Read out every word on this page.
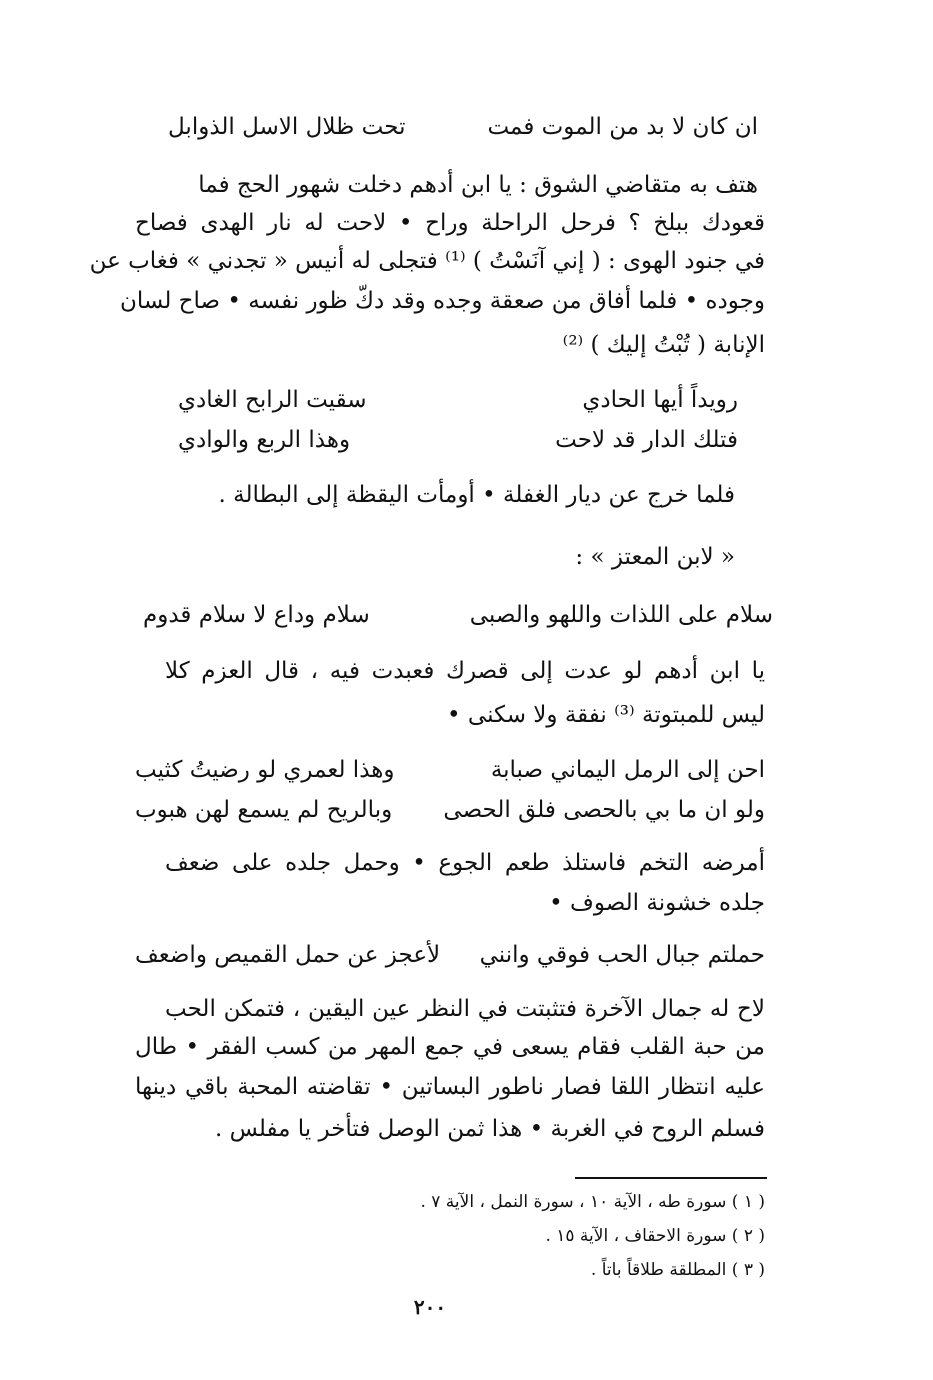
ان كان لا بد من الموت فمت
تحت ظلال الاسل الذوابل
هتف به متقاضي الشوق : يا ابن أدهم دخلت شهور الحج فما
قعودك ببلخ ؟ فرحل الراحلة وراح • لاحت له نار الهدى فصاح
في جنود الهوى : ( إني آنَسْتُ ) ⁽¹⁾ فتجلى له أنيس « تجدني » فغاب عن
وجوده • فلما أفاق من صعقة وجده وقد دكّ ظور نفسه • صاح لسان
الإنابة ( تُبْتُ إليك ) ⁽²⁾
رويداً أيها الحادي
سقيت الرابح الغادي
فتلك الدار قد لاحت
وهذا الربع والوادي
فلما خرج عن ديار الغفلة • أومأت اليقظة إلى البطالة .
« لابن المعتز » :
سلام على اللذات واللهو والصبى
سلام وداع لا سلام قدوم
يا ابن أدهم لو عدت إلى قصرك فعبدت فيه ، قال العزم كلا
ليس للمبتوتة ⁽³⁾ نفقة ولا سكنى •
احن إلى الرمل اليماني صبابة
وهذا لعمري لو رضيتُ كثيب
ولو ان ما بي بالحصى فلق الحصى
وبالريح لم يسمع لهن هبوب
أمرضه التخم فاستلذ طعم الجوع • وحمل جلده على ضعف
جلده خشونة الصوف •
حملتم جبال الحب فوقي وانني
لأعجز عن حمل القميص واضعف
لاح له جمال الآخرة فتثبتت في النظر عين اليقين ، فتمكن الحب
من حبة القلب فقام يسعى في جمع المهر من كسب الفقر • طال
عليه انتظار اللقا فصار ناطور البساتين • تقاضته المحبة باقي دينها
فسلم الروح في الغربة • هذا ثمن الوصل فتأخر يا مفلس .
( ١ ) سورة طه ، الآية ١٠ ، سورة النمل ، الآية ٧ .
( ٢ ) سورة الاحقاف ، الآية ١٥ .
( ٣ ) المطلقة طلاقاً باتاً .
٢٠٠
